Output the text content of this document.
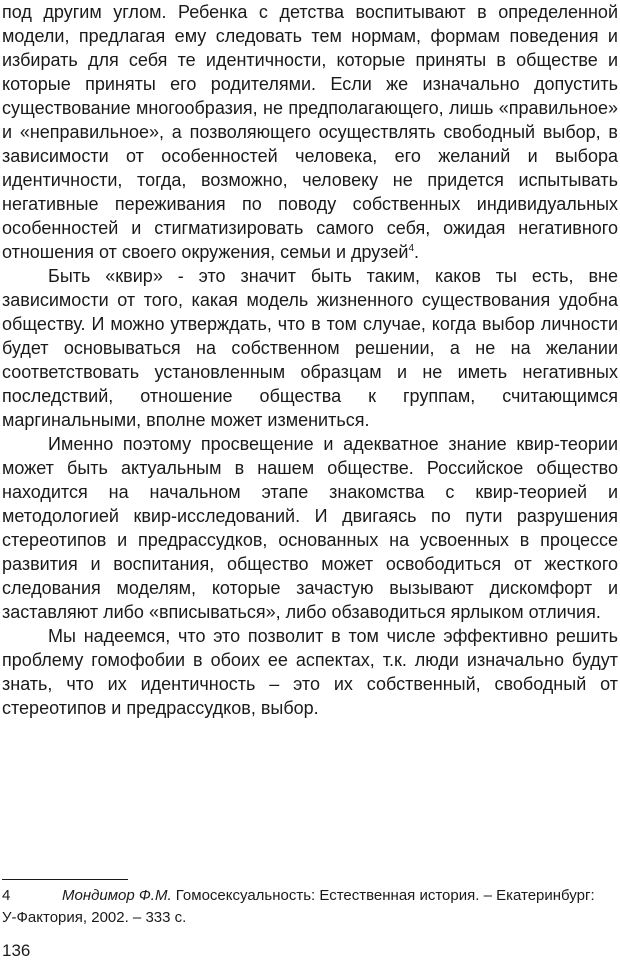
под другим углом. Ребенка с детства воспитывают в определенной модели, предлагая ему следовать тем нормам, формам поведения и избирать для себя те идентичности, которые приняты в обществе и которые приняты его родителями. Если же изначально допустить существование многообразия, не предполагающего, лишь «правильное» и «неправильное», а позволяющего осуществлять свободный выбор, в зависимости от особенностей человека, его желаний и выбора идентичности, тогда, возможно, человеку не придется испытывать негативные переживания по поводу собственных индивидуальных особенностей и стигматизировать самого себя, ожидая негативного отношения от своего окружения, семьи и друзей$^4$.

Быть «квир» - это значит быть таким, каков ты есть, вне зависимости от того, какая модель жизненного существования удобна обществу. И можно утверждать, что в том случае, когда выбор личности будет основываться на собственном решении, а не на желании соответствовать установленным образцам и не иметь негативных последствий, отношение общества к группам, считающимся маргинальными, вполне может измениться.

Именно поэтому просвещение и адекватное знание квир-теории может быть актуальным в нашем обществе. Российское общество находится на начальном этапе знакомства с квир-теорией и методологией квир-исследований. И двигаясь по пути разрушения стереотипов и предрассудков, основанных на усвоенных в процессе развития и воспитания, общество может освободиться от жесткого следования моделям, которые зачастую вызывают дискомфорт и заставляют либо «вписываться», либо обзаводиться ярлыком отличия.

Мы надеемся, что это позволит в том числе эффективно решить проблему гомофобии в обоих ее аспектах, т.к. люди изначально будут знать, что их идентичность – это их собственный, свободный от стереотипов и предрассудков, выбор.

4	Мондимор Ф.М. Гомосексуальность: Естественная история. – Екатеринбург: У-Фактория, 2002. – 333 с.

136
